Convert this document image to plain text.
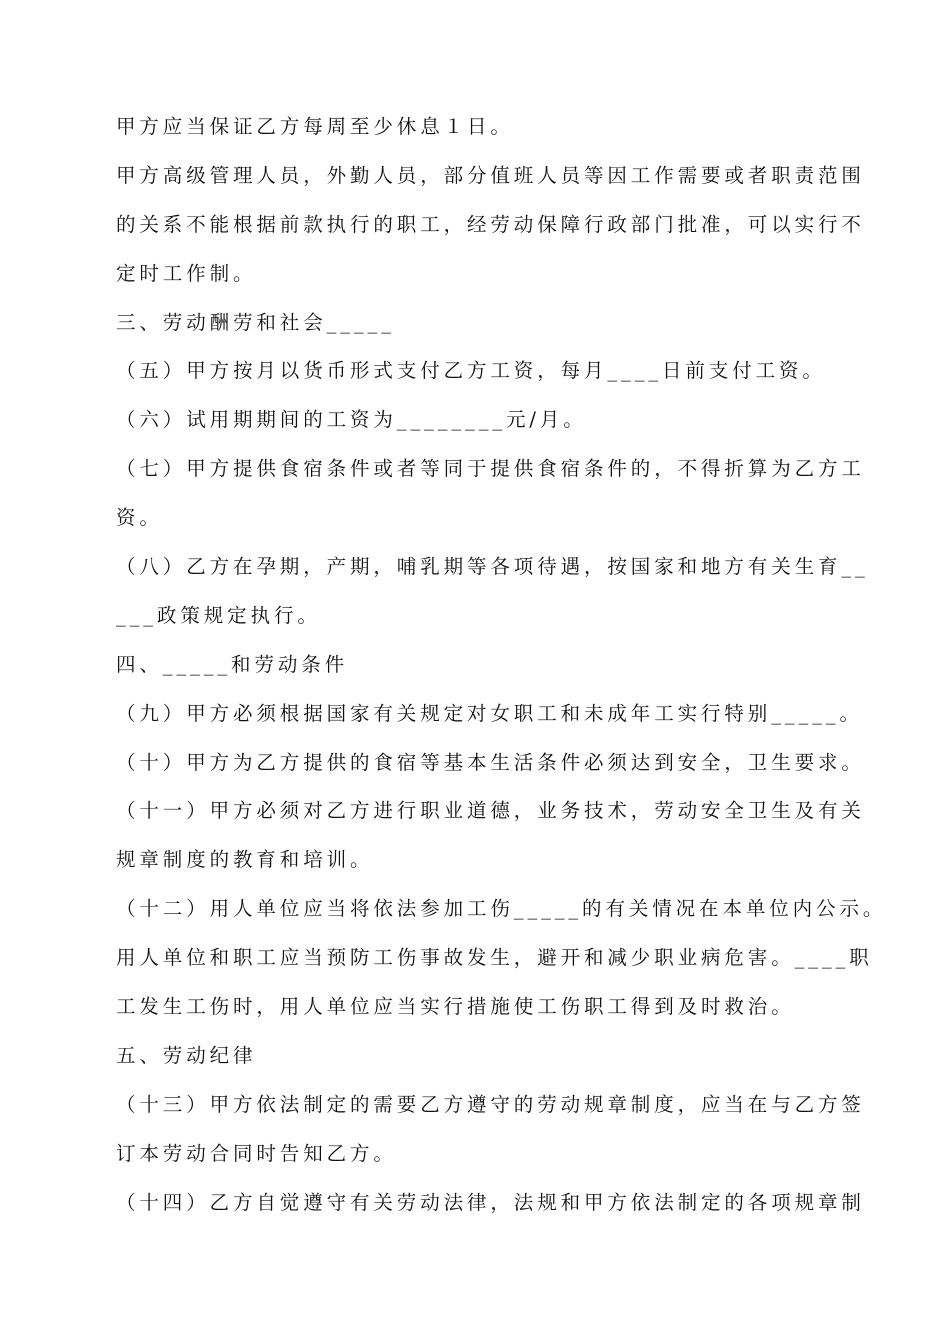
甲方应当保证乙方每周至少休息１日。
甲方高级管理人员，外勤人员，部分值班人员等因工作需要或者职责范围
的关系不能根据前款执行的职工，经劳动保障行政部门批准，可以实行不
定时工作制。
三、劳动酬劳和社会_____
（五）甲方按月以货币形式支付乙方工资，每月____日前支付工资。
（六）试用期期间的工资为________元/月。
（七）甲方提供食宿条件或者等同于提供食宿条件的，不得折算为乙方工
资。
（八）乙方在孕期，产期，哺乳期等各项待遇，按国家和地方有关生育__
___政策规定执行。
四、_____和劳动条件
（九）甲方必须根据国家有关规定对女职工和未成年工实行特别_____。
（十）甲方为乙方提供的食宿等基本生活条件必须达到安全，卫生要求。
（十一）甲方必须对乙方进行职业道德，业务技术，劳动安全卫生及有关
规章制度的教育和培训。
（十二）用人单位应当将依法参加工伤_____的有关情况在本单位内公示。
用人单位和职工应当预防工伤事故发生，避开和减少职业病危害。____职
工发生工伤时，用人单位应当实行措施使工伤职工得到及时救治。
五、劳动纪律
（十三）甲方依法制定的需要乙方遵守的劳动规章制度，应当在与乙方签
订本劳动合同时告知乙方。
（十四）乙方自觉遵守有关劳动法律，法规和甲方依法制定的各项规章制
